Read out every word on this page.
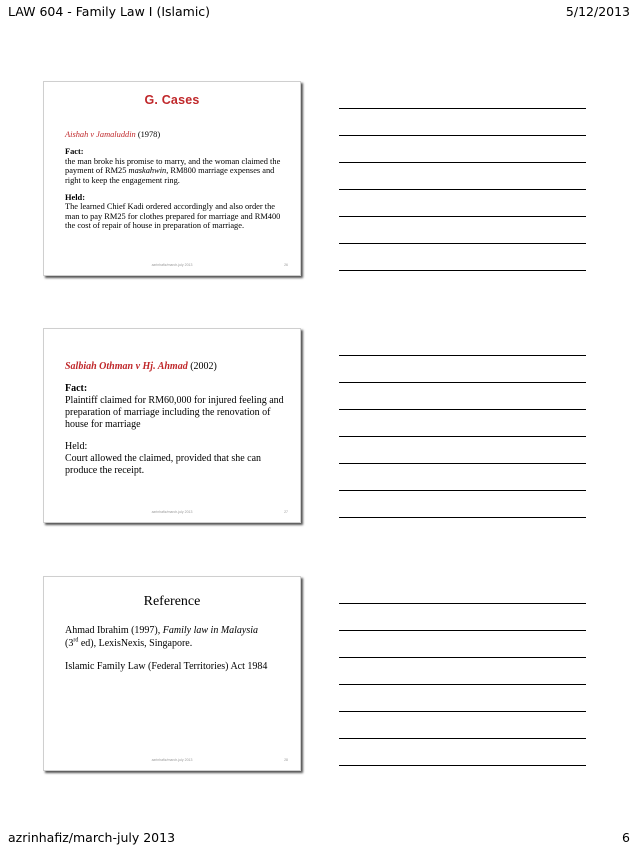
LAW 604 - Family Law I (Islamic)	5/12/2013
G. Cases
Aishah v Jamaluddin (1978)
Fact:
the man broke his promise to marry, and the woman claimed the payment of RM25 maskahwin, RM800 marriage expenses and right to keep the engagement ring.
Held:
The learned Chief Kadi ordered accordingly and also order the man to pay RM25 for clothes prepared for marriage and RM400 the cost of repair of house in preparation of marriage.
azrinhafiz/march-july 2013	26
Salbiah Othman v Hj. Ahmad (2002)
Fact:
Plaintiff claimed for RM60,000 for injured feeling and preparation of marriage including the renovation of house for marriage
Held:
Court allowed the claimed, provided that she can produce the receipt.
azrinhafiz/march-july 2013	27
Reference
Ahmad Ibrahim (1997), Family law in Malaysia
(3rd ed), LexisNexis, Singapore.
Islamic Family Law (Federal Territories) Act 1984
azrinhafiz/march-july 2013	28
azrinhafiz/march-july 2013	6
